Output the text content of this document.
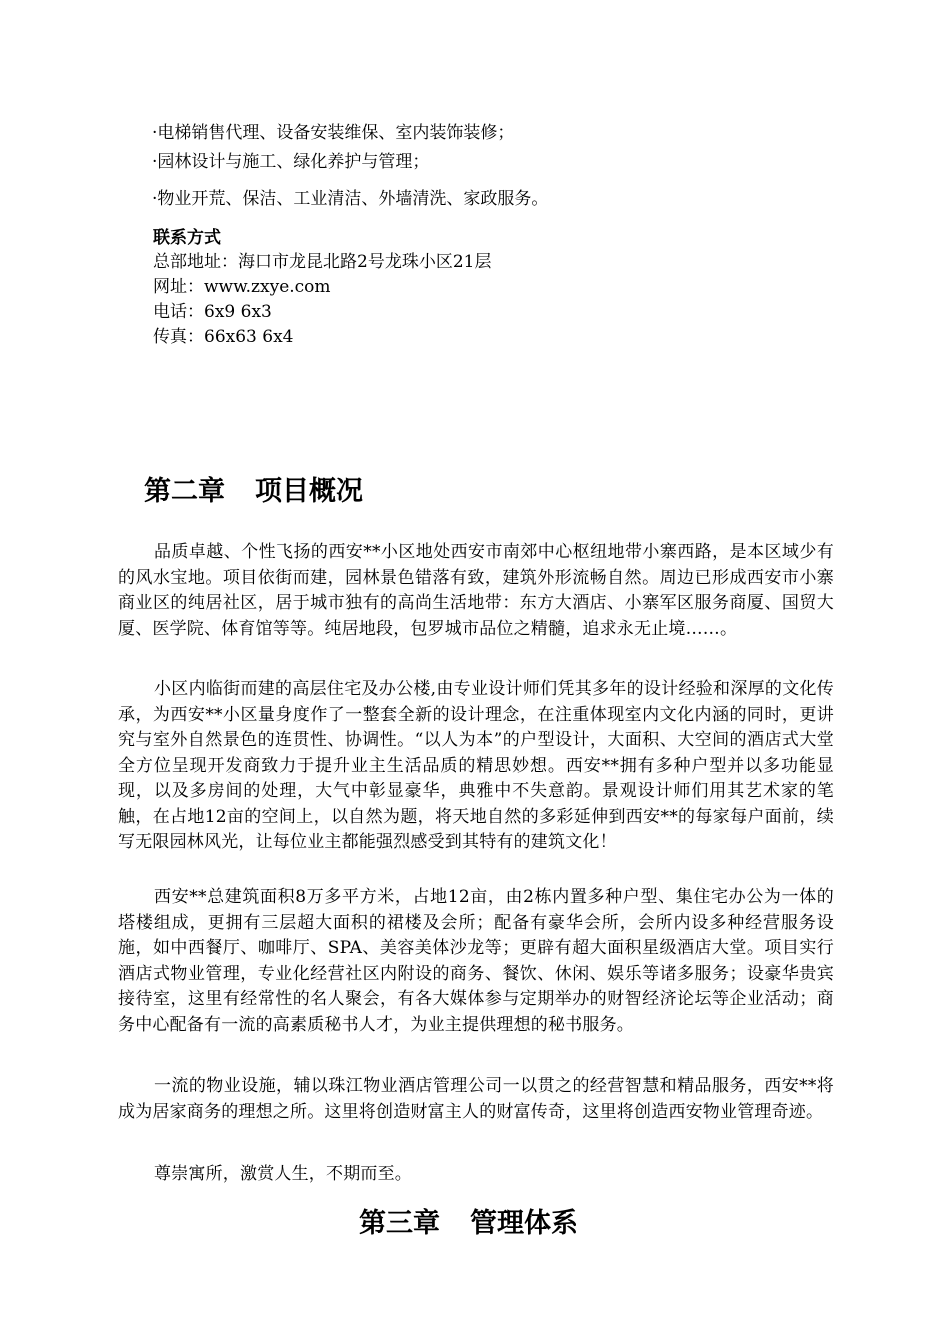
·电梯销售代理、设备安装维保、室内装饰装修；
·园林设计与施工、绿化养护与管理；
·物业开荒、保洁、工业清洁、外墙清洗、家政服务。
联系方式
总部地址：海口市龙昆北路2号龙珠小区21层
网址：www.zxye.com
电话：6x9 6x3
传真：66x63 6x4
第二章 项目概况

品质卓越、个性飞扬的西安**小区地处西安市南郊中心枢纽地带小寨西路，是本区域少有的风水宝地。项目依街而建，园林景色错落有致，建筑外形流畅自然。周边已形成西安市小寨商业区的纯居社区，居于城市独有的高尚生活地带：东方大酒店、小寨军区服务商厦、国贸大厦、医学院、体育馆等等。纯居地段，包罗城市品位之精髓，追求永无止境……。

小区内临街而建的高层住宅及办公楼,由专业设计师们凭其多年的设计经验和深厚的文化传承，为西安**小区量身度作了一整套全新的设计理念，在注重体现室内文化内涵的同时，更讲究与室外自然景色的连贯性、协调性。“以人为本”的户型设计，大面积、大空间的酒店式大堂全方位呈现开发商致力于提升业主生活品质的精思妙想。西安**拥有多种户型并以多功能显现，以及多房间的处理，大气中彰显豪华，典雅中不失意韵。景观设计师们用其艺术家的笔触，在占地12亩的空间上，以自然为题，将天地自然的多彩延伸到西安**的每家每户面前，续写无限园林风光，让每位业主都能强烈感受到其特有的建筑文化！

西安**总建筑面积8万多平方米，占地12亩，由2栋内置多种户型、集住宅办公为一体的塔楼组成，更拥有三层超大面积的裙楼及会所；配备有豪华会所，会所内设多种经营服务设施，如中西餐厅、咖啡厅、SPA、美容美体沙龙等；更辟有超大面积星级酒店大堂。项目实行酒店式物业管理，专业化经营社区内附设的商务、餐饮、休闲、娱乐等诸多服务；设豪华贵宾接待室，这里有经常性的名人聚会，有各大媒体参与定期举办的财智经济论坛等企业活动；商务中心配备有一流的高素质秘书人才，为业主提供理想的秘书服务。

一流的物业设施，辅以珠江物业酒店管理公司一以贯之的经营智慧和精品服务，西安**将成为居家商务的理想之所。这里将创造财富主人的财富传奇，这里将创造西安物业管理奇迹。

尊崇寓所，激赏人生，不期而至。

第三章 管理体系
